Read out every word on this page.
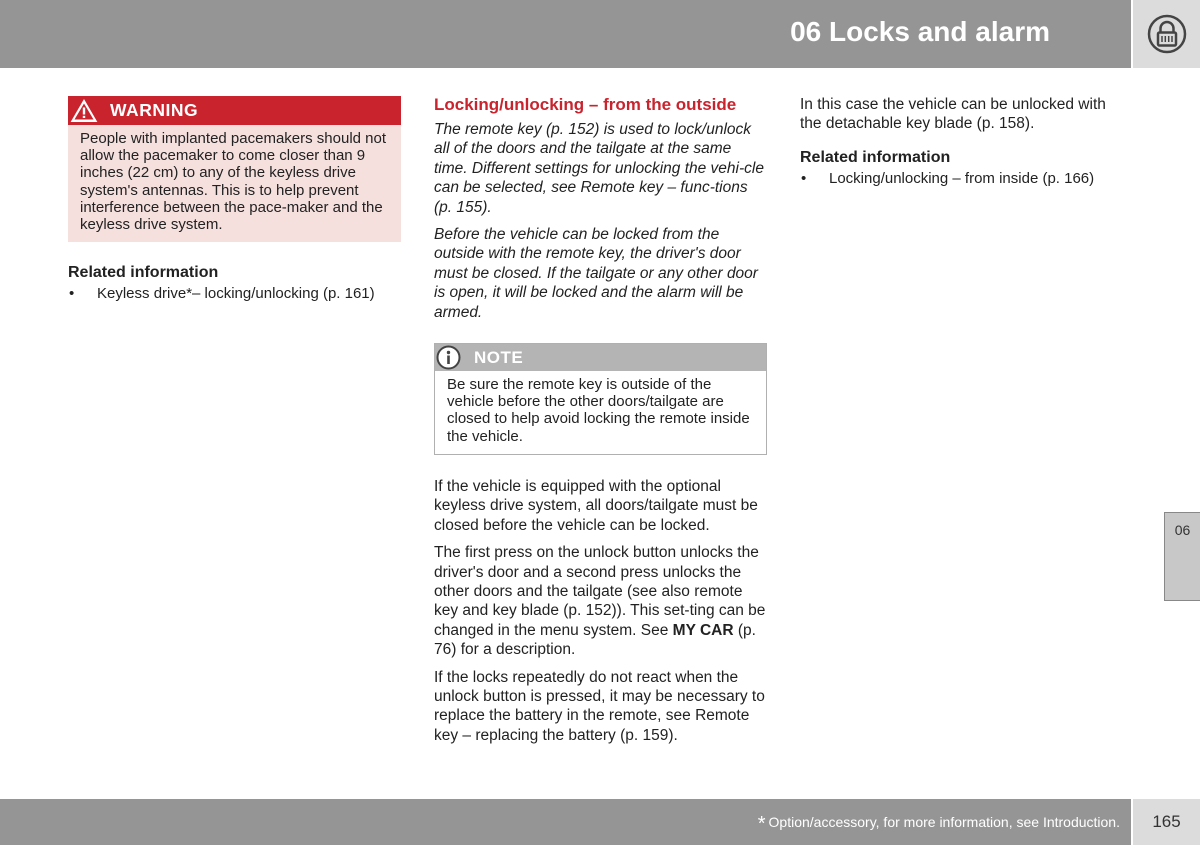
06 Locks and alarm
WARNING
People with implanted pacemakers should not allow the pacemaker to come closer than 9 inches (22 cm) to any of the keyless drive system's antennas. This is to help prevent interference between the pace-maker and the keyless drive system.
Related information
•	Keyless drive*– locking/unlocking (p. 161)
Locking/unlocking – from the outside

The remote key (p. 152) is used to lock/unlock all of the doors and the tailgate at the same time. Different settings for unlocking the vehi-cle can be selected, see Remote key – func-tions (p. 155).

Before the vehicle can be locked from the outside with the remote key, the driver's door must be closed. If the tailgate or any other door is open, it will be locked and the alarm will be armed.

NOTE
Be sure the remote key is outside of the vehicle before the other doors/tailgate are closed to help avoid locking the remote inside the vehicle.

If the vehicle is equipped with the optional keyless drive system, all doors/tailgate must be closed before the vehicle can be locked.

The first press on the unlock button unlocks the driver's door and a second press unlocks the other doors and the tailgate (see also remote key and key blade (p. 152)). This set-ting can be changed in the menu system. See MY CAR (p. 76) for a description.

If the locks repeatedly do not react when the unlock button is pressed, it may be necessary to replace the battery in the remote, see Remote key – replacing the battery (p. 159).

In this case the vehicle can be unlocked with the detachable key blade (p. 158).

Related information
•	Locking/unlocking – from inside (p. 166)
06
* Option/accessory, for more information, see Introduction.	165
